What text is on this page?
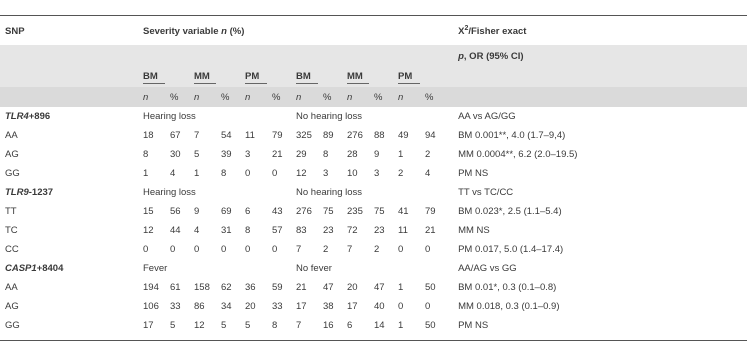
SNP	Severity variable n (%)												$X^2$/Fisher exact
													p, OR (95% CI)
	BM		MM		PM		BM		MM		PM		
	n	%	n	%	n	%	n	%	n	%	n	%	
TLR4+896	Hearing loss						No hearing loss						AA vs AG/GG
AA	18	67	7	54	11	79	325	89	276	88	49	94	BM 0.001**, 4.0 (1.7–9,4)
AG	8	30	5	39	3	21	29	8	28	9	1	2	MM 0.0004**, 6.2 (2.0–19.5)
GG	1	4	1	8	0	0	12	3	10	3	2	4	PM NS
TLR9-1237	Hearing loss						No hearing loss						TT vs TC/CC
TT	15	56	9	69	6	43	276	75	235	75	41	79	BM 0.023*, 2.5 (1.1–5.4)
TC	12	44	4	31	8	57	83	23	72	23	11	21	MM NS
CC	0	0	0	0	0	0	7	2	7	2	0	0	PM 0.017, 5.0 (1.4–17.4)
CASP1+8404	Fever						No fever						AA/AG vs GG
AA	194	61	158	62	36	59	21	47	20	47	1	50	BM 0.01*, 0.3 (0.1–0.8)
AG	106	33	86	34	20	33	17	38	17	40	0	0	MM 0.018, 0.3 (0.1–0.9)
GG	17	5	12	5	5	8	7	16	6	14	1	50	PM NS
